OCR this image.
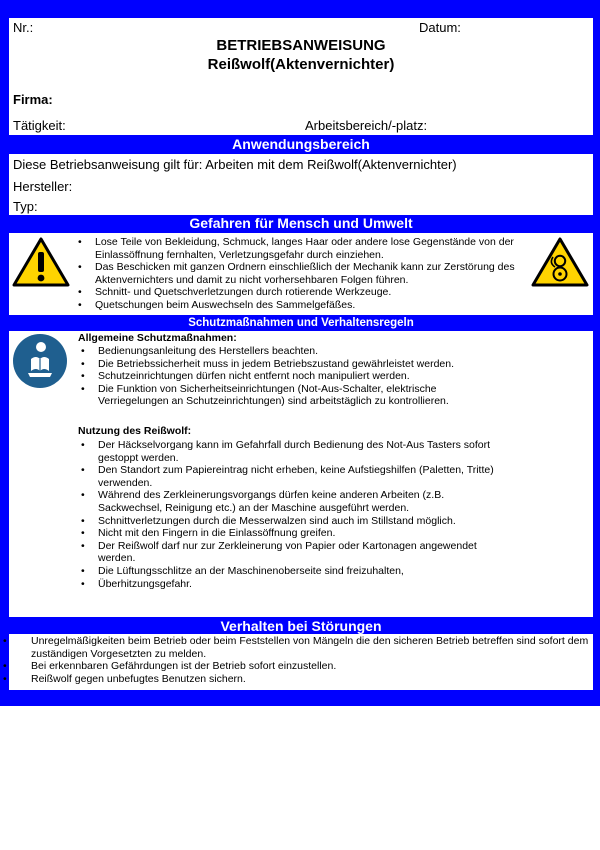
Nr.:	Datum:
BETRIEBSANWEISUNG
Reißwolf(Aktenvernichter)
Firma:
Tätigkeit:	Arbeitsbereich/-platz:
Anwendungsbereich
Diese Betriebsanweisung gilt für: Arbeiten mit dem Reißwolf(Aktenvernichter)
Hersteller:
Typ:
Gefahren für Mensch und Umwelt
• Lose Teile von Bekleidung, Schmuck, langes Haar oder andere lose Gegenstände von der Einlassöffnung fernhalten, Verletzungsgefahr durch einziehen.
• Das Beschicken mit ganzen Ordnern einschließlich der Mechanik kann zur Zerstörung des Aktenvernichters und damit zu nicht vorhersehbaren Folgen führen.
• Schnitt- und Quetschverletzungen durch rotierende Werkzeuge.
• Quetschungen beim Auswechseln des Sammelgefäßes.
Schutzmaßnahmen und Verhaltensregeln
Allgemeine Schutzmaßnahmen:
• Bedienungsanleitung des Herstellers beachten.
• Die Betriebssicherheit muss in jedem Betriebszustand gewährleistet werden.
• Schutzeinrichtungen dürfen nicht entfernt noch manipuliert werden.
• Die Funktion von Sicherheitseinrichtungen (Not-Aus-Schalter, elektrische Verriegelungen an Schutzeinrichtungen) sind arbeitstäglich zu kontrollieren.
Nutzung des Reißwolf:
• Der Häckselvorgang kann im Gefahrfall durch Bedienung des Not-Aus Tasters sofort gestoppt werden.
• Den Standort zum Papiereintrag nicht erheben, keine Aufstiegshilfen (Paletten, Tritte) verwenden.
• Während des Zerkleinerungsvorgangs dürfen keine anderen Arbeiten (z.B. Sackwechsel, Reinigung etc.) an der Maschine ausgeführt werden.
• Schnittverletzungen durch die Messerwalzen sind auch im Stillstand möglich.
• Nicht mit den Fingern in die Einlassöffnung greifen.
• Der Reißwolf darf nur zur Zerkleinerung von Papier oder Kartonagen angewendet werden.
• Die Lüftungsschlitze an der Maschinenoberseite sind freizuhalten,
• Überhitzungsgefahr.
Verhalten bei Störungen
• Unregelmäßigkeiten beim Betrieb oder beim Feststellen von Mängeln die den sicheren Betrieb betreffen sind sofort dem zuständigen Vorgesetzten zu melden.
• Bei erkennbaren Gefährdungen ist der Betrieb sofort einzustellen.
• Reißwolf gegen unbefugtes Benutzen sichern.
